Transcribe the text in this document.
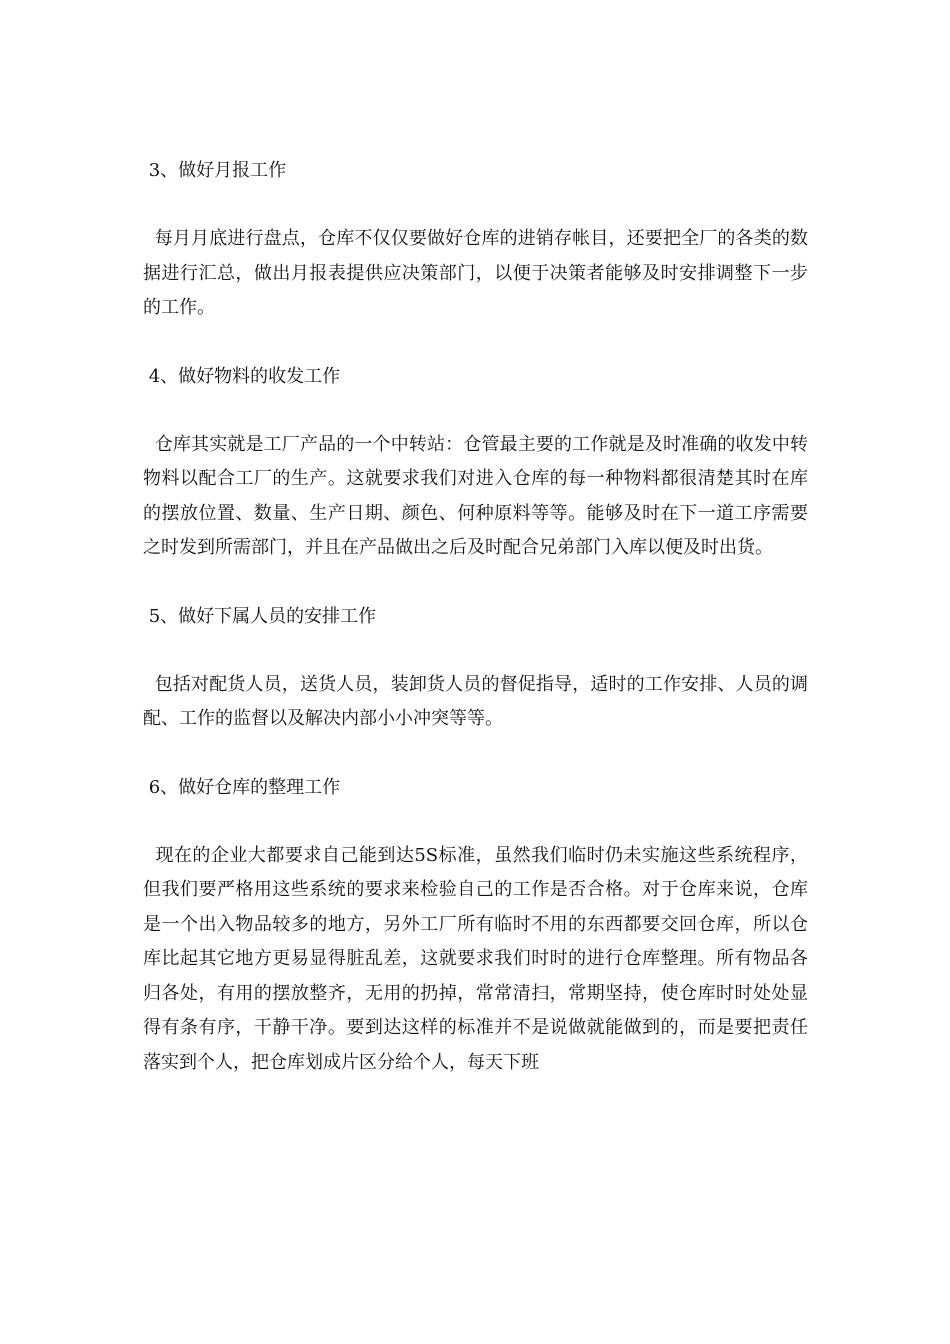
3、做好月报工作

每月月底进行盘点，仓库不仅仅要做好仓库的进销存帐目，还要把全厂的各类的数据进行汇总，做出月报表提供应决策部门，以便于决策者能够及时安排调整下一步的工作。

4、做好物料的收发工作

仓库其实就是工厂产品的一个中转站：仓管最主要的工作就是及时准确的收发中转物料以配合工厂的生产。这就要求我们对进入仓库的每一种物料都很清楚其时在库的摆放位置、数量、生产日期、颜色、何种原料等等。能够及时在下一道工序需要之时发到所需部门，并且在产品做出之后及时配合兄弟部门入库以便及时出货。

5、做好下属人员的安排工作

包括对配货人员，送货人员，装卸货人员的督促指导，适时的工作安排、人员的调配、工作的监督以及解决内部小小冲突等等。

6、做好仓库的整理工作

现在的企业大都要求自己能到达5S标准，虽然我们临时仍未实施这些系统程序，但我们要严格用这些系统的要求来检验自己的工作是否合格。对于仓库来说，仓库是一个出入物品较多的地方，另外工厂所有临时不用的东西都要交回仓库，所以仓库比起其它地方更易显得脏乱差，这就要求我们时时的进行仓库整理。所有物品各归各处，有用的摆放整齐，无用的扔掉，常常清扫，常期坚持，使仓库时时处处显得有条有序，干静干净。要到达这样的标准并不是说做就能做到的，而是要把责任落实到个人，把仓库划成片区分给个人，每天下班
